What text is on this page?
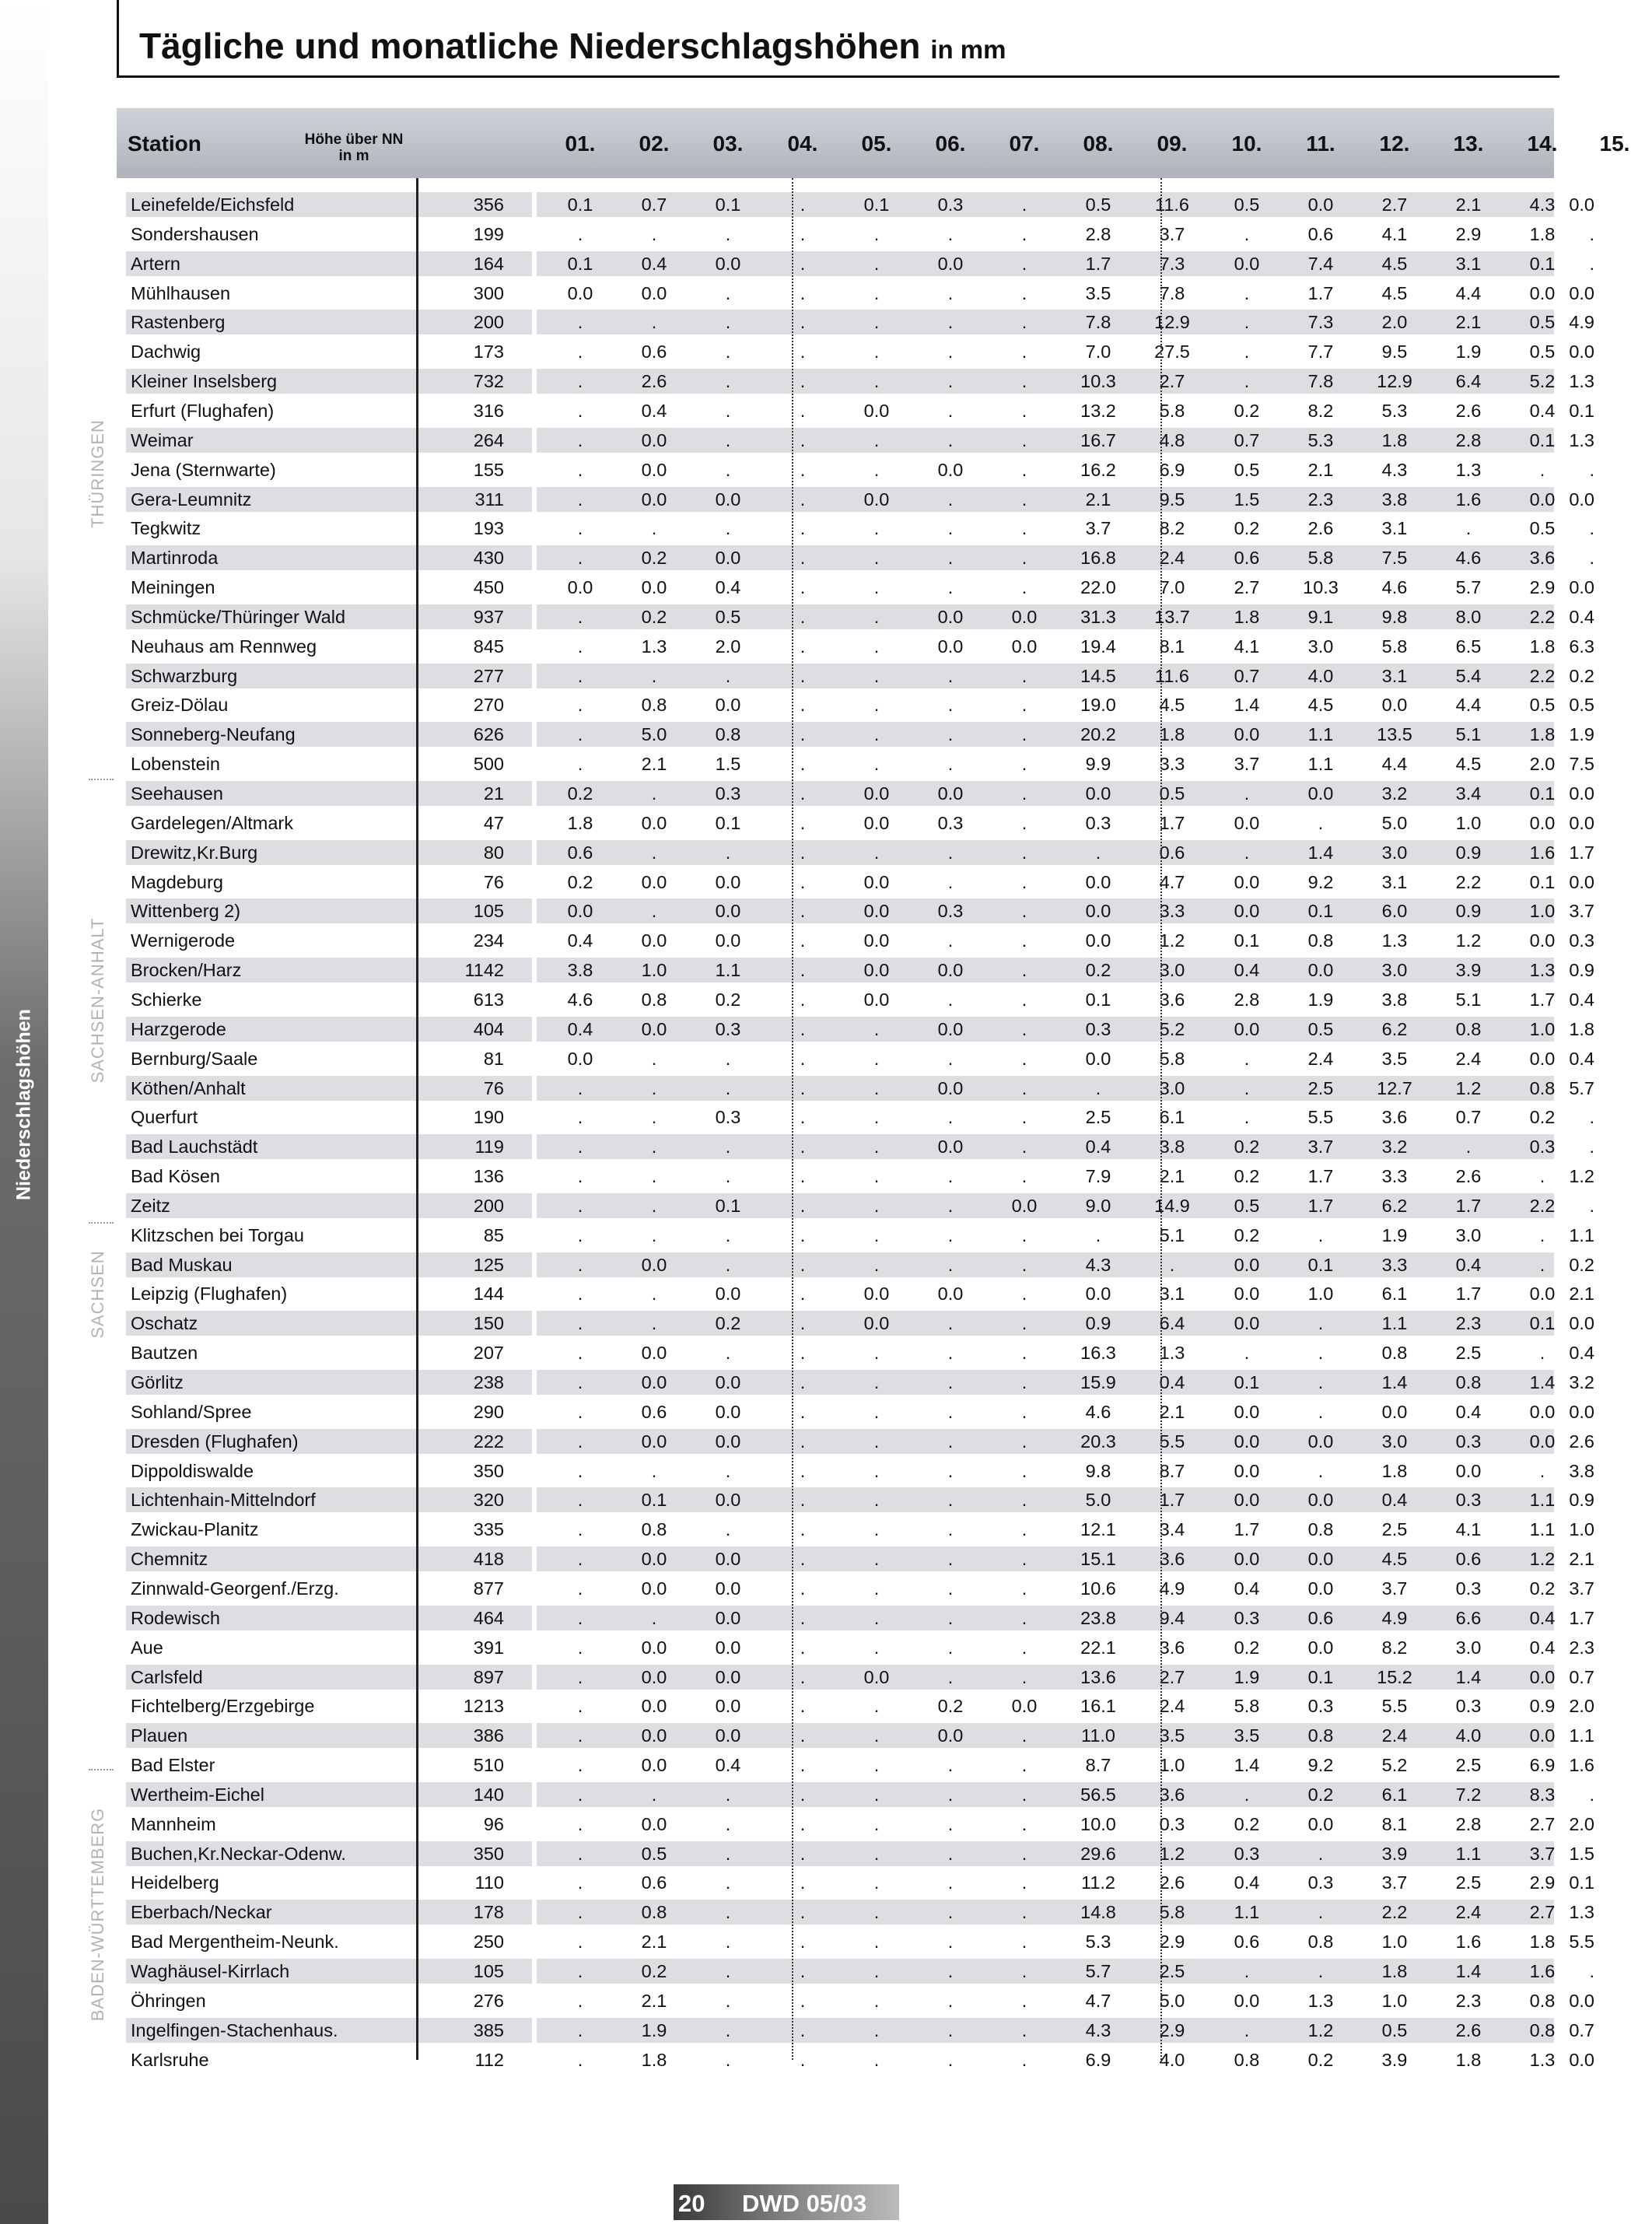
Niederschlagshöhen
Tägliche und monatliche Niederschlagshöhen in mm
Station	Höhe über NN
in m
01.	02.	03.	04.	05.	06.	07.	08.	09.	10.	11.	12.	13.	14.	15.
Leinefelde/Eichsfeld	356	0.1	0.7	0.1	.	0.1	0.3	.	0.5	11.6	0.5	0.0	2.7	2.1	4.3 0.0
Sondershausen	199	.	.	.	.	.	.	.	2.8	3.7	.	0.6	4.1	2.9	1.8	.
Artern	164	0.1	0.4	0.0	.	.	0.0	.	1.7	7.3	0.0	7.4	4.5	3.1	0.1	.
Mühlhausen	300	0.0	0.0	.	.	.	.	.	3.5	7.8	.	1.7	4.5	4.4	0.0 0.0
Rastenberg	200	.	.	.	.	.	.	.	7.8	12.9	.	7.3	2.0	2.1	0.5 4.9
Dachwig	173	.	0.6	.	.	.	.	.	7.0	27.5	.	7.7	9.5	1.9	0.5 0.0
Kleiner Inselsberg	732	.	2.6	.	.	.	.	.	10.3	2.7	.	7.8	12.9	6.4	5.2 1.3
Erfurt (Flughafen)	316	.	0.4	.	.	0.0	.	.	13.2	5.8	0.2	8.2	5.3	2.6	0.4 0.1
Weimar	264	.	0.0	.	.	.	.	.	16.7	4.8	0.7	5.3	1.8	2.8	0.1 1.3
Jena (Sternwarte)	155	.	0.0	.	.	.	0.0	.	16.2	6.9	0.5	2.1	4.3	1.3	.	.
Gera-Leumnitz	311	.	0.0	0.0	.	0.0	.	.	2.1	9.5	1.5	2.3	3.8	1.6	0.0 0.0
Tegkwitz	193	.	.	.	.	.	.	.	3.7	8.2	0.2	2.6	3.1	.	0.5	.
Martinroda	430	.	0.2	0.0	.	.	.	.	16.8	2.4	0.6	5.8	7.5	4.6	3.6	.
Meiningen	450	0.0	0.0	0.4	.	.	.	.	22.0	7.0	2.7	10.3	4.6	5.7	2.9 0.0
Schmücke/Thüringer Wald	937	.	0.2	0.5	.	.	0.0	0.0	31.3	13.7	1.8	9.1	9.8	8.0	2.2 0.4
Neuhaus am Rennweg	845	.	1.3	2.0	.	.	0.0	0.0	19.4	8.1	4.1	3.0	5.8	6.5	1.8 6.3
Schwarzburg	277	.	.	.	.	.	.	.	14.5	11.6	0.7	4.0	3.1	5.4	2.2 0.2
Greiz-Dölau	270	.	0.8	0.0	.	.	.	.	19.0	4.5	1.4	4.5	0.0	4.4	0.5 0.5
Sonneberg-Neufang	626	.	5.0	0.8	.	.	.	.	20.2	1.8	0.0	1.1	13.5	5.1	1.8 1.9
Lobenstein	500	.	2.1	1.5	.	.	.	.	9.9	3.3	3.7	1.1	4.4	4.5	2.0 7.5
Seehausen	21	0.2	.	0.3	.	0.0	0.0	.	0.0	0.5	.	0.0	3.2	3.4	0.1 0.0
Gardelegen/Altmark	47	1.8	0.0	0.1	.	0.0	0.3	.	0.3	1.7	0.0	.	5.0	1.0	0.0 0.0
Drewitz,Kr.Burg	80	0.6	.	.	.	.	.	.	.	0.6	.	1.4	3.0	0.9	1.6 1.7
Magdeburg	76	0.2	0.0	0.0	.	0.0	.	.	0.0	4.7	0.0	9.2	3.1	2.2	0.1 0.0
Wittenberg 2)	105	0.0	.	0.0	.	0.0	0.3	.	0.0	3.3	0.0	0.1	6.0	0.9	1.0 3.7
Wernigerode	234	0.4	0.0	0.0	.	0.0	.	.	0.0	1.2	0.1	0.8	1.3	1.2	0.0 0.3
Brocken/Harz	1142	3.8	1.0	1.1	.	0.0	0.0	.	0.2	3.0	0.4	0.0	3.0	3.9	1.3 0.9
Schierke	613	4.6	0.8	0.2	.	0.0	.	.	0.1	3.6	2.8	1.9	3.8	5.1	1.7 0.4
Harzgerode	404	0.4	0.0	0.3	.	.	0.0	.	0.3	5.2	0.0	0.5	6.2	0.8	1.0 1.8
Bernburg/Saale	81	0.0	.	.	.	.	.	.	0.0	5.8	.	2.4	3.5	2.4	0.0 0.4
Köthen/Anhalt	76	.	.	.	.	.	0.0	.	.	3.0	.	2.5	12.7	1.2	0.8 5.7
Querfurt	190	.	.	0.3	.	.	.	.	2.5	6.1	.	5.5	3.6	0.7	0.2	.
Bad Lauchstädt	119	.	.	.	.	.	0.0	.	0.4	3.8	0.2	3.7	3.2	.	0.3	.
Bad Kösen	136	.	.	.	.	.	.	.	7.9	2.1	0.2	1.7	3.3	2.6	.	1.2
Zeitz	200	.	.	0.1	.	.	.	0.0	9.0	14.9	0.5	1.7	6.2	1.7	2.2	.
Klitzschen bei Torgau	85	.	.	.	.	.	.	.	.	5.1	0.2	.	1.9	3.0	.	1.1
Bad Muskau	125	.	0.0	.	.	.	.	.	4.3	.	0.0	0.1	3.3	0.4	.	0.2
Leipzig (Flughafen)	144	.	.	0.0	.	0.0	0.0	.	0.0	3.1	0.0	1.0	6.1	1.7	0.0 2.1
Oschatz	150	.	.	0.2	.	0.0	.	.	0.9	6.4	0.0	.	1.1	2.3	0.1 0.0
Bautzen	207	.	0.0	.	.	.	.	.	16.3	1.3	.	.	0.8	2.5	.	0.4
Görlitz	238	.	0.0	0.0	.	.	.	.	15.9	0.4	0.1	.	1.4	0.8	1.4 3.2
Sohland/Spree	290	.	0.6	0.0	.	.	.	.	4.6	2.1	0.0	.	0.0	0.4	0.0 0.0
Dresden (Flughafen)	222	.	0.0	0.0	.	.	.	.	20.3	5.5	0.0	0.0	3.0	0.3	0.0 2.6
Dippoldiswalde	350	.	.	.	.	.	.	.	9.8	8.7	0.0	.	1.8	0.0	.	3.8
Lichtenhain-Mittelndorf	320	.	0.1	0.0	.	.	.	.	5.0	1.7	0.0	0.0	0.4	0.3	1.1 0.9
Zwickau-Planitz	335	.	0.8	.	.	.	.	.	12.1	3.4	1.7	0.8	2.5	4.1	1.1 1.0
Chemnitz	418	.	0.0	0.0	.	.	.	.	15.1	3.6	0.0	0.0	4.5	0.6	1.2 2.1
Zinnwald-Georgenf./Erzg.	877	.	0.0	0.0	.	.	.	.	10.6	4.9	0.4	0.0	3.7	0.3	0.2 3.7
Rodewisch	464	.	.	0.0	.	.	.	.	23.8	9.4	0.3	0.6	4.9	6.6	0.4 1.7
Aue	391	.	0.0	0.0	.	.	.	.	22.1	3.6	0.2	0.0	8.2	3.0	0.4 2.3
Carlsfeld	897	.	0.0	0.0	.	0.0	.	.	13.6	2.7	1.9	0.1	15.2	1.4	0.0 0.7
Fichtelberg/Erzgebirge	1213	.	0.0	0.0	.	.	0.2	0.0	16.1	2.4	5.8	0.3	5.5	0.3	0.9 2.0
Plauen	386	.	0.0	0.0	.	.	0.0	.	11.0	3.5	3.5	0.8	2.4	4.0	0.0 1.1
Bad Elster	510	.	0.0	0.4	.	.	.	.	8.7	1.0	1.4	9.2	5.2	2.5	6.9 1.6
Wertheim-Eichel	140	.	.	.	.	.	.	.	56.5	3.6	.	0.2	6.1	7.2	8.3	.
Mannheim	96	.	0.0	.	.	.	.	.	10.0	0.3	0.2	0.0	8.1	2.8	2.7 2.0
Buchen,Kr.Neckar-Odenw.	350	.	0.5	.	.	.	.	.	29.6	1.2	0.3	.	3.9	1.1	3.7 1.5
Heidelberg	110	.	0.6	.	.	.	.	.	11.2	2.6	0.4	0.3	3.7	2.5	2.9 0.1
Eberbach/Neckar	178	.	0.8	.	.	.	.	.	14.8	5.8	1.1	.	2.2	2.4	2.7 1.3
Bad Mergentheim-Neunk.	250	.	2.1	.	.	.	.	.	5.3	2.9	0.6	0.8	1.0	1.6	1.8 5.5
Waghäusel-Kirrlach	105	.	0.2	.	.	.	.	.	5.7	2.5	.	.	1.8	1.4	1.6	.
Öhringen	276	.	2.1	.	.	.	.	.	4.7	5.0	0.0	1.3	1.0	2.3	0.8 0.0
Ingelfingen-Stachenhaus.	385	.	1.9	.	.	.	.	.	4.3	2.9	.	1.2	0.5	2.6	0.8 0.7
Karlsruhe	112	.	1.8	.	.	.	.	.	6.9	4.0	0.8	0.2	3.9	1.8	1.3 0.0
THÜRINGEN
SACHSEN-ANHALT
SACHSEN
BADEN-WÜRTTEMBERG
20 DWD 05/03
